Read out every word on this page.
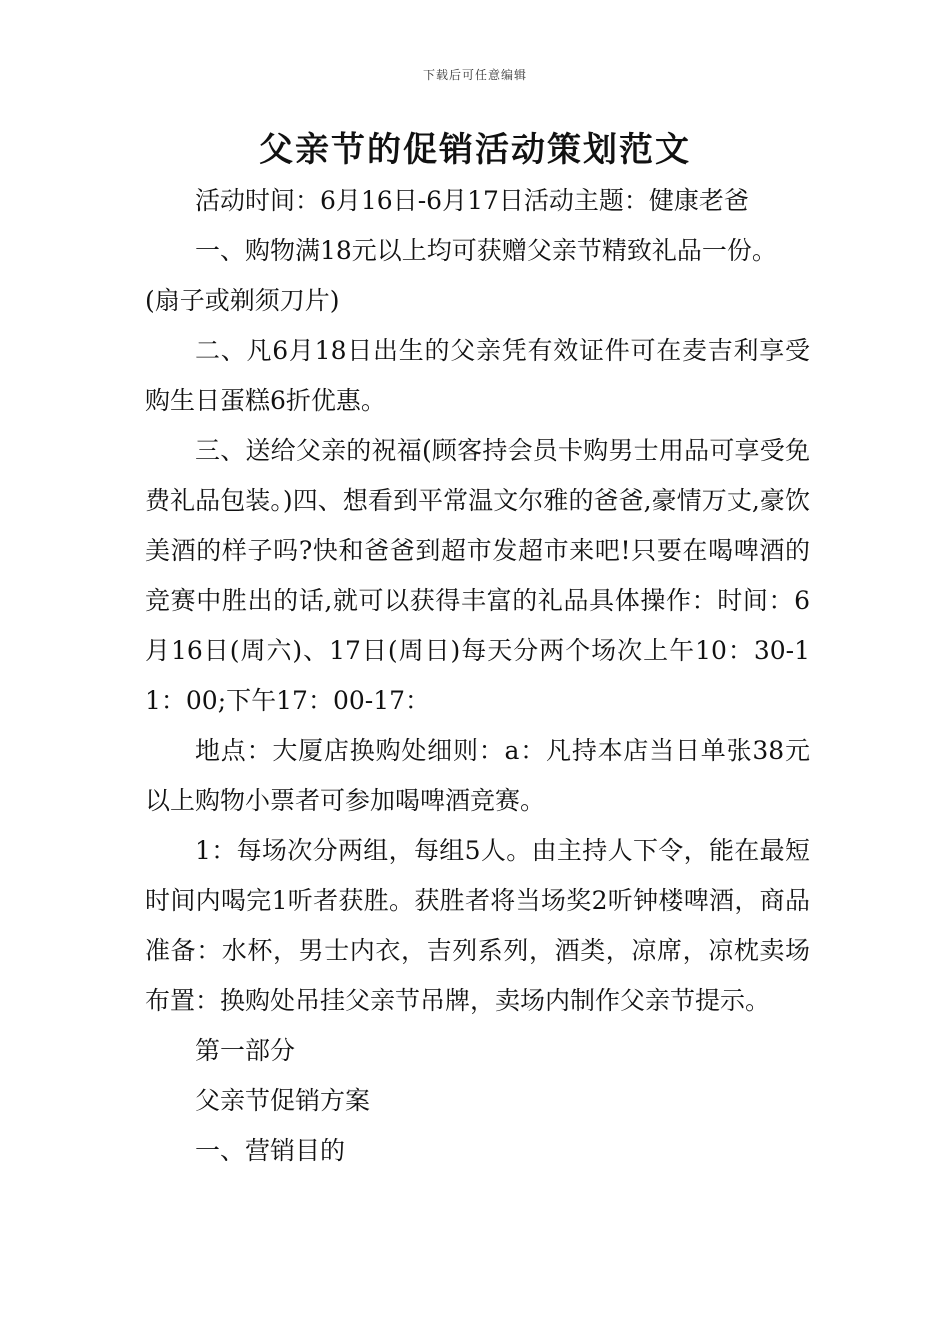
下载后可任意编辑
父亲节的促销活动策划范文

活动时间：6月16日-6月17日活动主题：健康老爸

一、购物满18元以上均可获赠父亲节精致礼品一份。

(扇子或剃须刀片)

二、凡6月18日出生的父亲凭有效证件可在麦吉利享受购生日蛋糕6折优惠。

三、送给父亲的祝福(顾客持会员卡购男士用品可享受免费礼品包装。)四、想看到平常温文尔雅的爸爸,豪情万丈,豪饮美酒的样子吗?快和爸爸到超市发超市来吧!只要在喝啤酒的竞赛中胜出的话,就可以获得丰富的礼品具体操作：时间：6月16日(周六)、17日(周日)每天分两个场次上午10：30-11：00;下午17：00-17：

地点：大厦店换购处细则：a：凡持本店当日单张38元以上购物小票者可参加喝啤酒竞赛。

1：每场次分两组，每组5人。由主持人下令，能在最短时间内喝完1听者获胜。获胜者将当场奖2听钟楼啤酒，商品准备：水杯，男士内衣，吉列系列，酒类，凉席，凉枕卖场布置：换购处吊挂父亲节吊牌，卖场内制作父亲节提示。

第一部分

父亲节促销方案

一、营销目的
